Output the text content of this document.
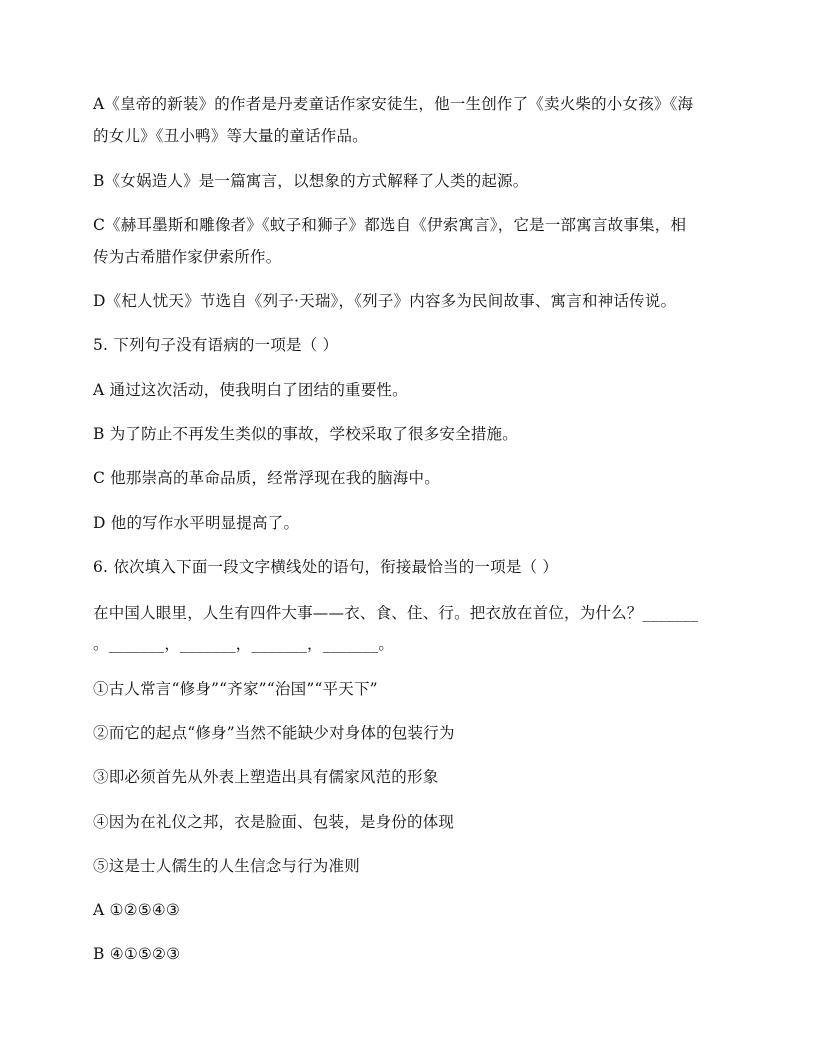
A《皇帝的新装》的作者是丹麦童话作家安徒生，他一生创作了《卖火柴的小女孩》《海
的女儿》《丑小鸭》等大量的童话作品。
B《女娲造人》是一篇寓言，以想象的方式解释了人类的起源。
C《赫耳墨斯和雕像者》《蚊子和狮子》都选自《伊索寓言》，它是一部寓言故事集，相
传为古希腊作家伊索所作。
D《杞人忧天》节选自《列子·天瑞》，《列子》内容多为民间故事、寓言和神话传说。
5. 下列句子没有语病的一项是（ ）
A 通过这次活动，使我明白了团结的重要性。
B 为了防止不再发生类似的事故，学校采取了很多安全措施。
C 他那崇高的革命品质，经常浮现在我的脑海中。
D 他的写作水平明显提高了。
6. 依次填入下面一段文字横线处的语句，衔接最恰当的一项是（ ）
在中国人眼里，人生有四件大事——衣、食、住、行。把衣放在首位，为什么？_______
。_______，_______，_______，_______。
①古人常言“修身”“齐家”“治国”“平天下”
②而它的起点“修身”当然不能缺少对身体的包装行为
③即必须首先从外表上塑造出具有儒家风范的形象
④因为在礼仪之邦，衣是脸面、包装，是身份的体现
⑤这是士人儒生的人生信念与行为准则
A ①②⑤④③
B ④①⑤②③
